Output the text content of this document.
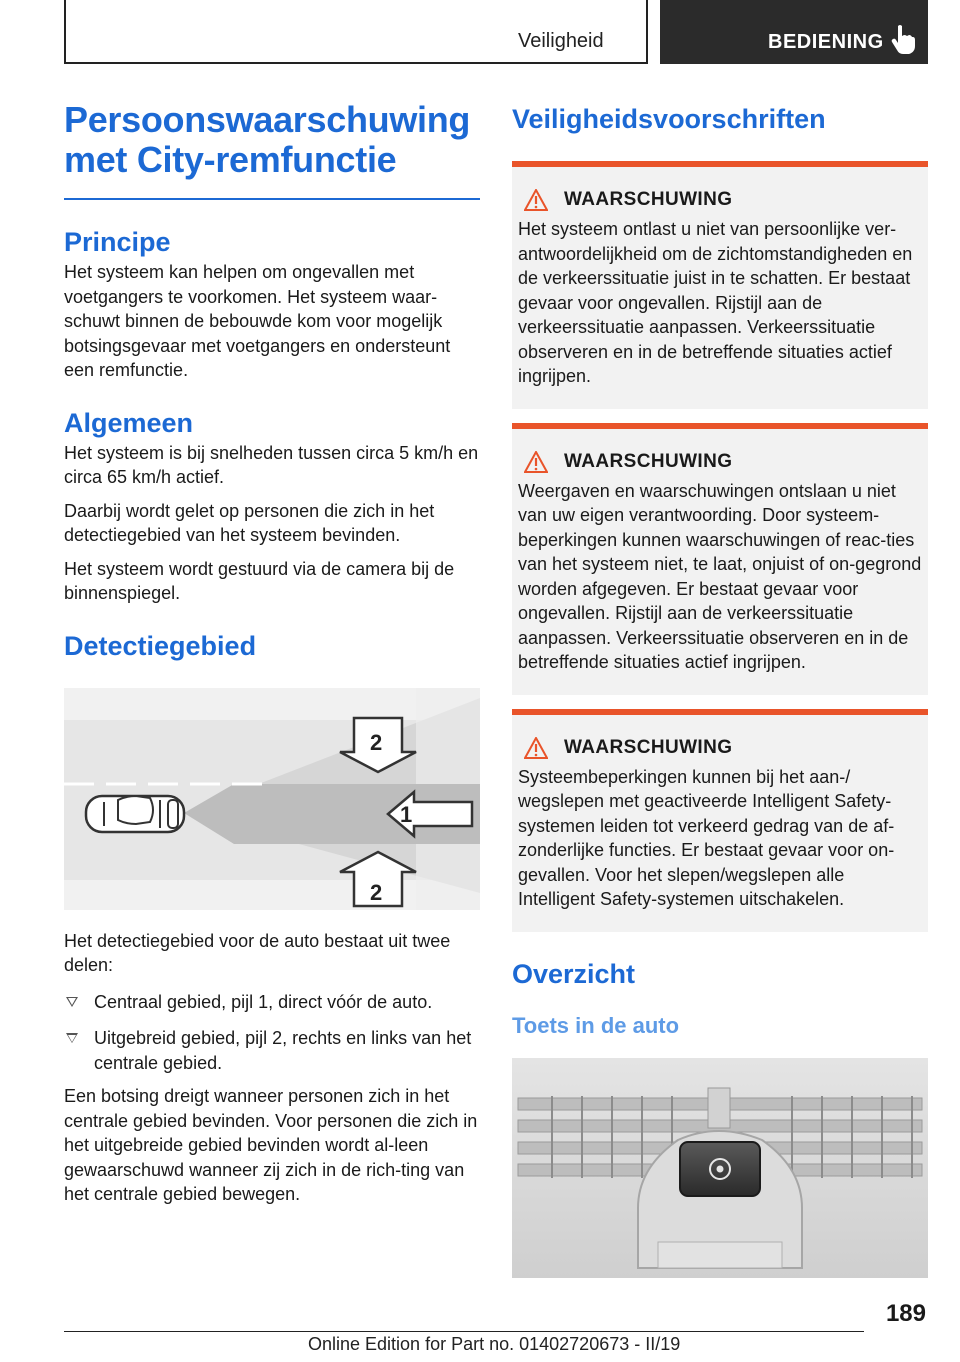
Veiligheid	BEDIENING
Persoonswaarschuwing
met City-remfunctie
Principe

Het systeem kan helpen om ongevallen met voetgangers te voorkomen. Het systeem waar-schuwt binnen de bebouwde kom voor mogelijk botsingsgevaar met voetgangers en ondersteunt een remfunctie.

Algemeen

Het systeem is bij snelheden tussen circa 5 km/h en circa 65 km/h actief.

Daarbij wordt gelet op personen die zich in het detectiegebied van het systeem bevinden.

Het systeem wordt gestuurd via de camera bij de binnenspiegel.

Detectiegebied
2
1
2

Het detectiegebied voor de auto bestaat uit twee delen:

Centraal gebied, pijl 1, direct vóór de auto.
Uitgebreid gebied, pijl 2, rechts en links van het centrale gebied.

Een botsing dreigt wanneer personen zich in het centrale gebied bevinden. Voor personen die zich in het uitgebreide gebied bevinden wordt al-leen gewaarschuwd wanneer zij zich in de rich-ting van het centrale gebied bewegen.

Veiligheidsvoorschriften
WAARSCHUWING

Het systeem ontlast u niet van persoonlijke ver-antwoordelijkheid om de zichtomstandigheden en de verkeerssituatie juist in te schatten. Er bestaat gevaar voor ongevallen. Rijstijl aan de verkeerssituatie aanpassen. Verkeerssituatie observeren en in de betreffende situaties actief ingrijpen.

WAARSCHUWING

Weergaven en waarschuwingen ontslaan u niet van uw eigen verantwoording. Door systeem-beperkingen kunnen waarschuwingen of reac-ties van het systeem niet, te laat, onjuist of on-gegrond worden afgegeven. Er bestaat gevaar voor ongevallen. Rijstijl aan de verkeerssituatie aanpassen. Verkeerssituatie observeren en in de betreffende situaties actief ingrijpen.

WAARSCHUWING

Systeembeperkingen kunnen bij het aan-/ wegslepen met geactiveerde Intelligent Safety-systemen leiden tot verkeerd gedrag van de af-zonderlijke functies. Er bestaat gevaar voor on-gevallen. Voor het slepen/wegslepen alle Intelligent Safety-systemen uitschakelen.

Overzicht
Toets in de auto
189
Online Edition for Part no. 01402720673 - II/19
